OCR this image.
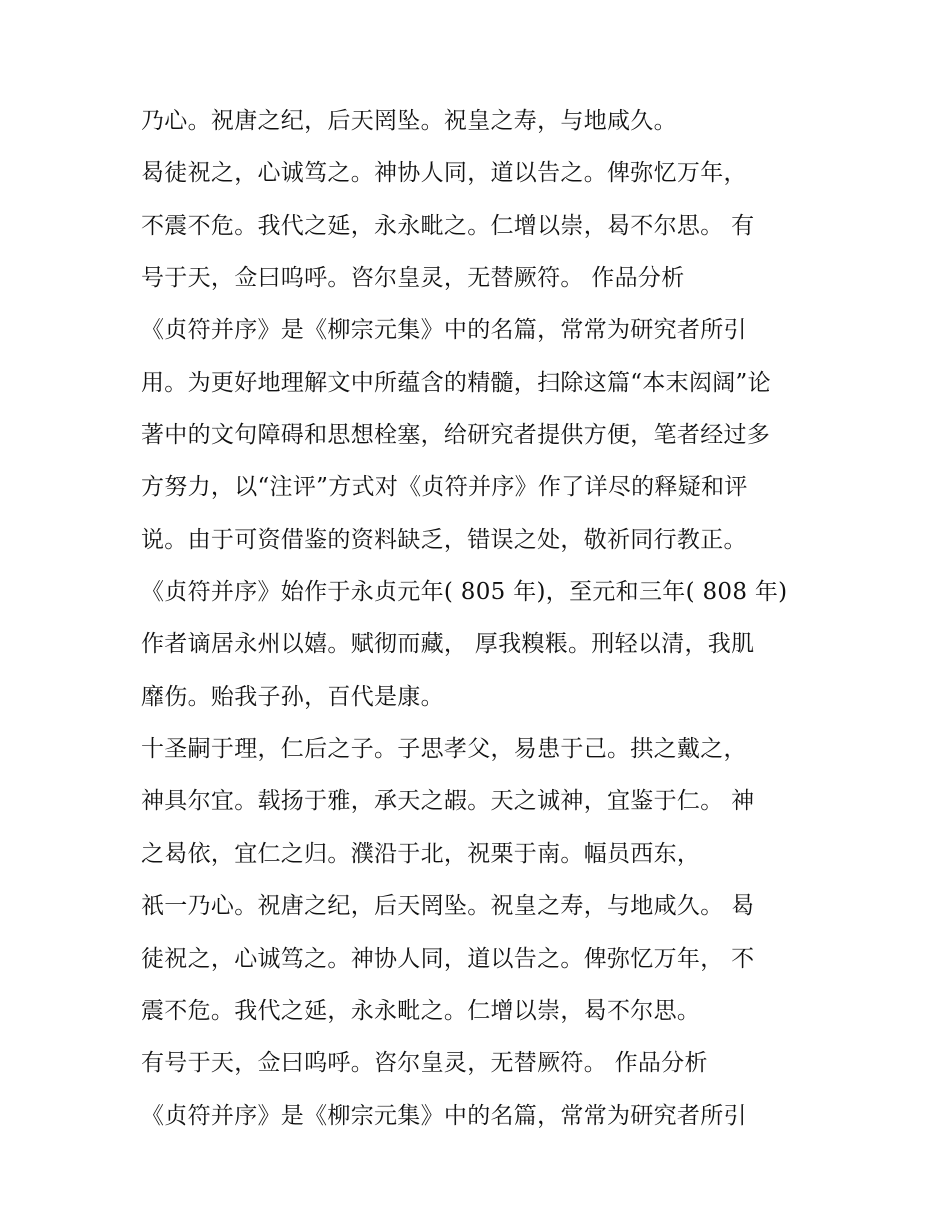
乃心。祝唐之纪，后天罔坠。祝皇之寿，与地咸久。

曷徒祝之，心诚笃之。神协人同，道以告之。俾弥忆万年，

不震不危。我代之延，永永毗之。仁增以崇，曷不尔思。 有

号于天，佥曰呜呼。咨尔皇灵，无替厥符。 作品分析

《贞符并序》是《柳宗元集》中的名篇，常常为研究者所引

用。为更好地理解文中所蕴含的精髓，扫除这篇“本末闳阔”论

著中的文句障碍和思想栓塞，给研究者提供方便，笔者经过多

方努力，以“注评”方式对《贞符并序》作了详尽的释疑和评

说。由于可资借鉴的资料缺乏，错误之处，敬祈同行教正。

《贞符并序》始作于永贞元年( 805 年)，至元和三年( 808 年)

作者谪居永州以嬉。赋彻而藏， 厚我糗粻。刑轻以清，我肌

靡伤。贻我子孙，百代是康。

十圣嗣于理，仁后之子。子思孝父，易患于己。拱之戴之，

神具尔宜。载扬于雅，承天之嘏。天之诚神，宜鉴于仁。 神

之曷依，宜仁之归。濮沿于北，祝栗于南。幅员西东，

祇一乃心。祝唐之纪，后天罔坠。祝皇之寿，与地咸久。 曷

徒祝之，心诚笃之。神协人同，道以告之。俾弥忆万年， 不

震不危。我代之延，永永毗之。仁增以崇，曷不尔思。

有号于天，佥曰呜呼。咨尔皇灵，无替厥符。 作品分析

《贞符并序》是《柳宗元集》中的名篇，常常为研究者所引
